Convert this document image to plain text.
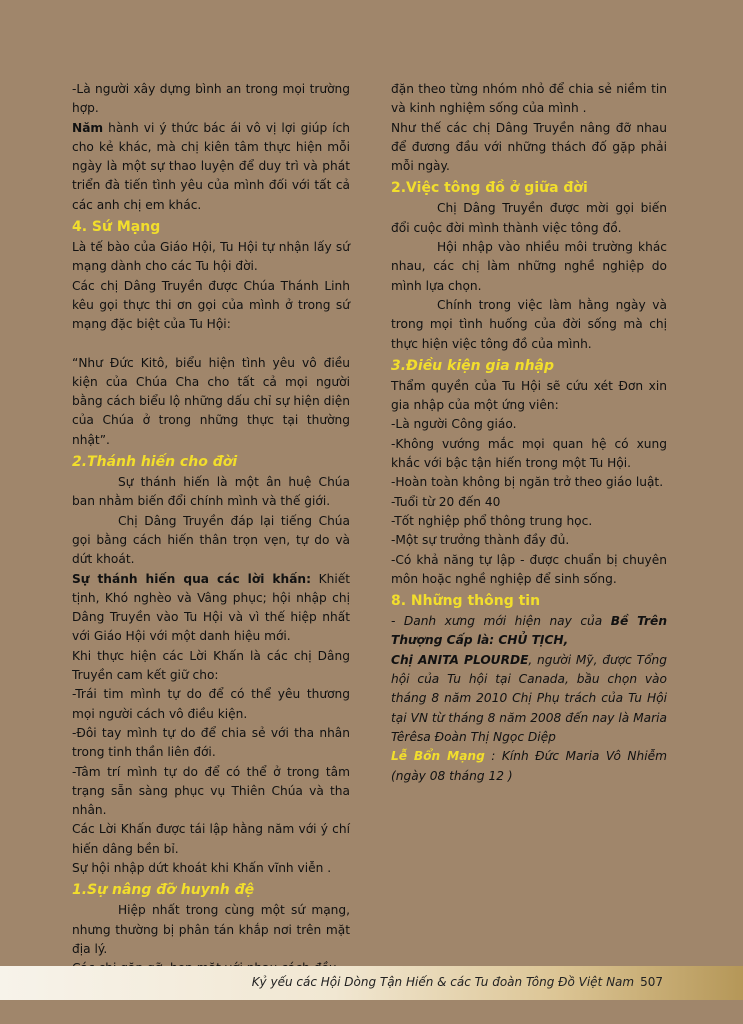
-Là người xây dựng bình an trong mọi trường hợp.

Năm hành vi ý thức bác ái vô vị lợi giúp ích cho kẻ khác, mà chị kiên tâm thực hiện mỗi ngày là một sự thao luyện để duy trì và phát triển đà tiến tình yêu của mình đối với tất cả các anh chị em khác.

4. Sứ Mạng

Là tế bào của Giáo Hội, Tu Hội tự nhận lấy sứ mạng dành cho các Tu hội đời.

Các chị Dâng Truyền được Chúa Thánh Linh kêu gọi thực thi ơn gọi của mình ở trong sứ mạng đặc biệt của Tu Hội:

“Như Đức Kitô, biểu hiện tình yêu vô điều kiện của Chúa Cha cho tất cả mọi người bằng cách biểu lộ những dấu chỉ sự hiện diện của Chúa ở trong những thực tại thường nhật”.

2.Thánh hiến cho đời

Sự thánh hiến là một ân huệ Chúa ban nhằm biến đổi chính mình và thế giới.

Chị Dâng Truyền đáp lại tiếng Chúa gọi bằng cách hiến thân trọn vẹn, tự do và dứt khoát.

Sự thánh hiến qua các lời khấn: Khiết tịnh, Khó nghèo và Vâng phục; hội nhập chị Dâng Truyền vào Tu Hội và vì thế hiệp nhất với Giáo Hội với một danh hiệu mới.

Khi thực hiện các Lời Khấn là các chị Dâng Truyền cam kết giữ cho:

-Trái tim mình tự do để có thể yêu thương mọi người cách vô điều kiện.

-Đôi tay mình tự do để chia sẻ với tha nhân trong tinh thần liên đới.

-Tâm trí mình tự do để có thể ở trong tâm trạng sẵn sàng phục vụ Thiên Chúa và tha nhân.

Các Lời Khấn được tái lập hằng năm với ý chí hiến dâng bền bỉ.

Sự hội nhập dứt khoát khi Khấn vĩnh viễn .

1.Sự nâng đỡ huynh đệ

Hiệp nhất trong cùng một sứ mạng, nhưng thường bị phân tán khắp nơi trên mặt địa lý.

đặn theo từng nhóm nhỏ để chia sẻ niềm tin và kinh nghiệm sống của mình .

Như thế các chị Dâng Truyền nâng đỡ nhau để đương đầu với những thách đố gặp phải mỗi ngày.

2.Việc tông đồ ở giữa đời

Chị Dâng Truyền được mời gọi biến đổi cuộc đời mình thành việc tông đồ.

Hội nhập vào nhiều môi trường khác nhau, các chị làm những nghề nghiệp do mình lựa chọn.

Chính trong việc làm hằng ngày và trong mọi tình huống của đời sống mà chị thực hiện việc tông đồ của mình.

3.Điều kiện gia nhập

Thẩm quyền của Tu Hội sẽ cứu xét Đơn xin gia nhập của một ứng viên:

-Là người Công giáo.

-Không vướng mắc mọi quan hệ có xung khắc với bậc tận hiến trong một Tu Hội.

-Hoàn toàn không bị ngăn trở theo giáo luật.

-Tuổi từ 20 đến 40

-Tốt nghiệp phổ thông trung học.

-Một sự trưởng thành đầy đủ.

-Có khả năng tự lập - được chuẩn bị chuyên môn hoặc nghề nghiệp để sinh sống.

8. Những thông tin

- Danh xưng mới hiện nay của Bề Trên Thượng Cấp là: CHỦ TỊCH,
Chị ANITA PLOURDE, người Mỹ, được Tổng hội của Tu hội tại Canada, bầu chọn vào tháng 8 năm 2010 Chị Phụ trách của Tu Hội tại VN từ tháng 8 năm 2008 đến nay là Maria Têrêsa Đoàn Thị Ngọc Diệp

Lễ Bổn Mạng : Kính Đức Maria Vô Nhiễm (ngày 08 tháng 12 )

Kỷ yếu các Hội Dòng Tận Hiến & các Tu đoàn Tông Đồ Việt Nam 507
